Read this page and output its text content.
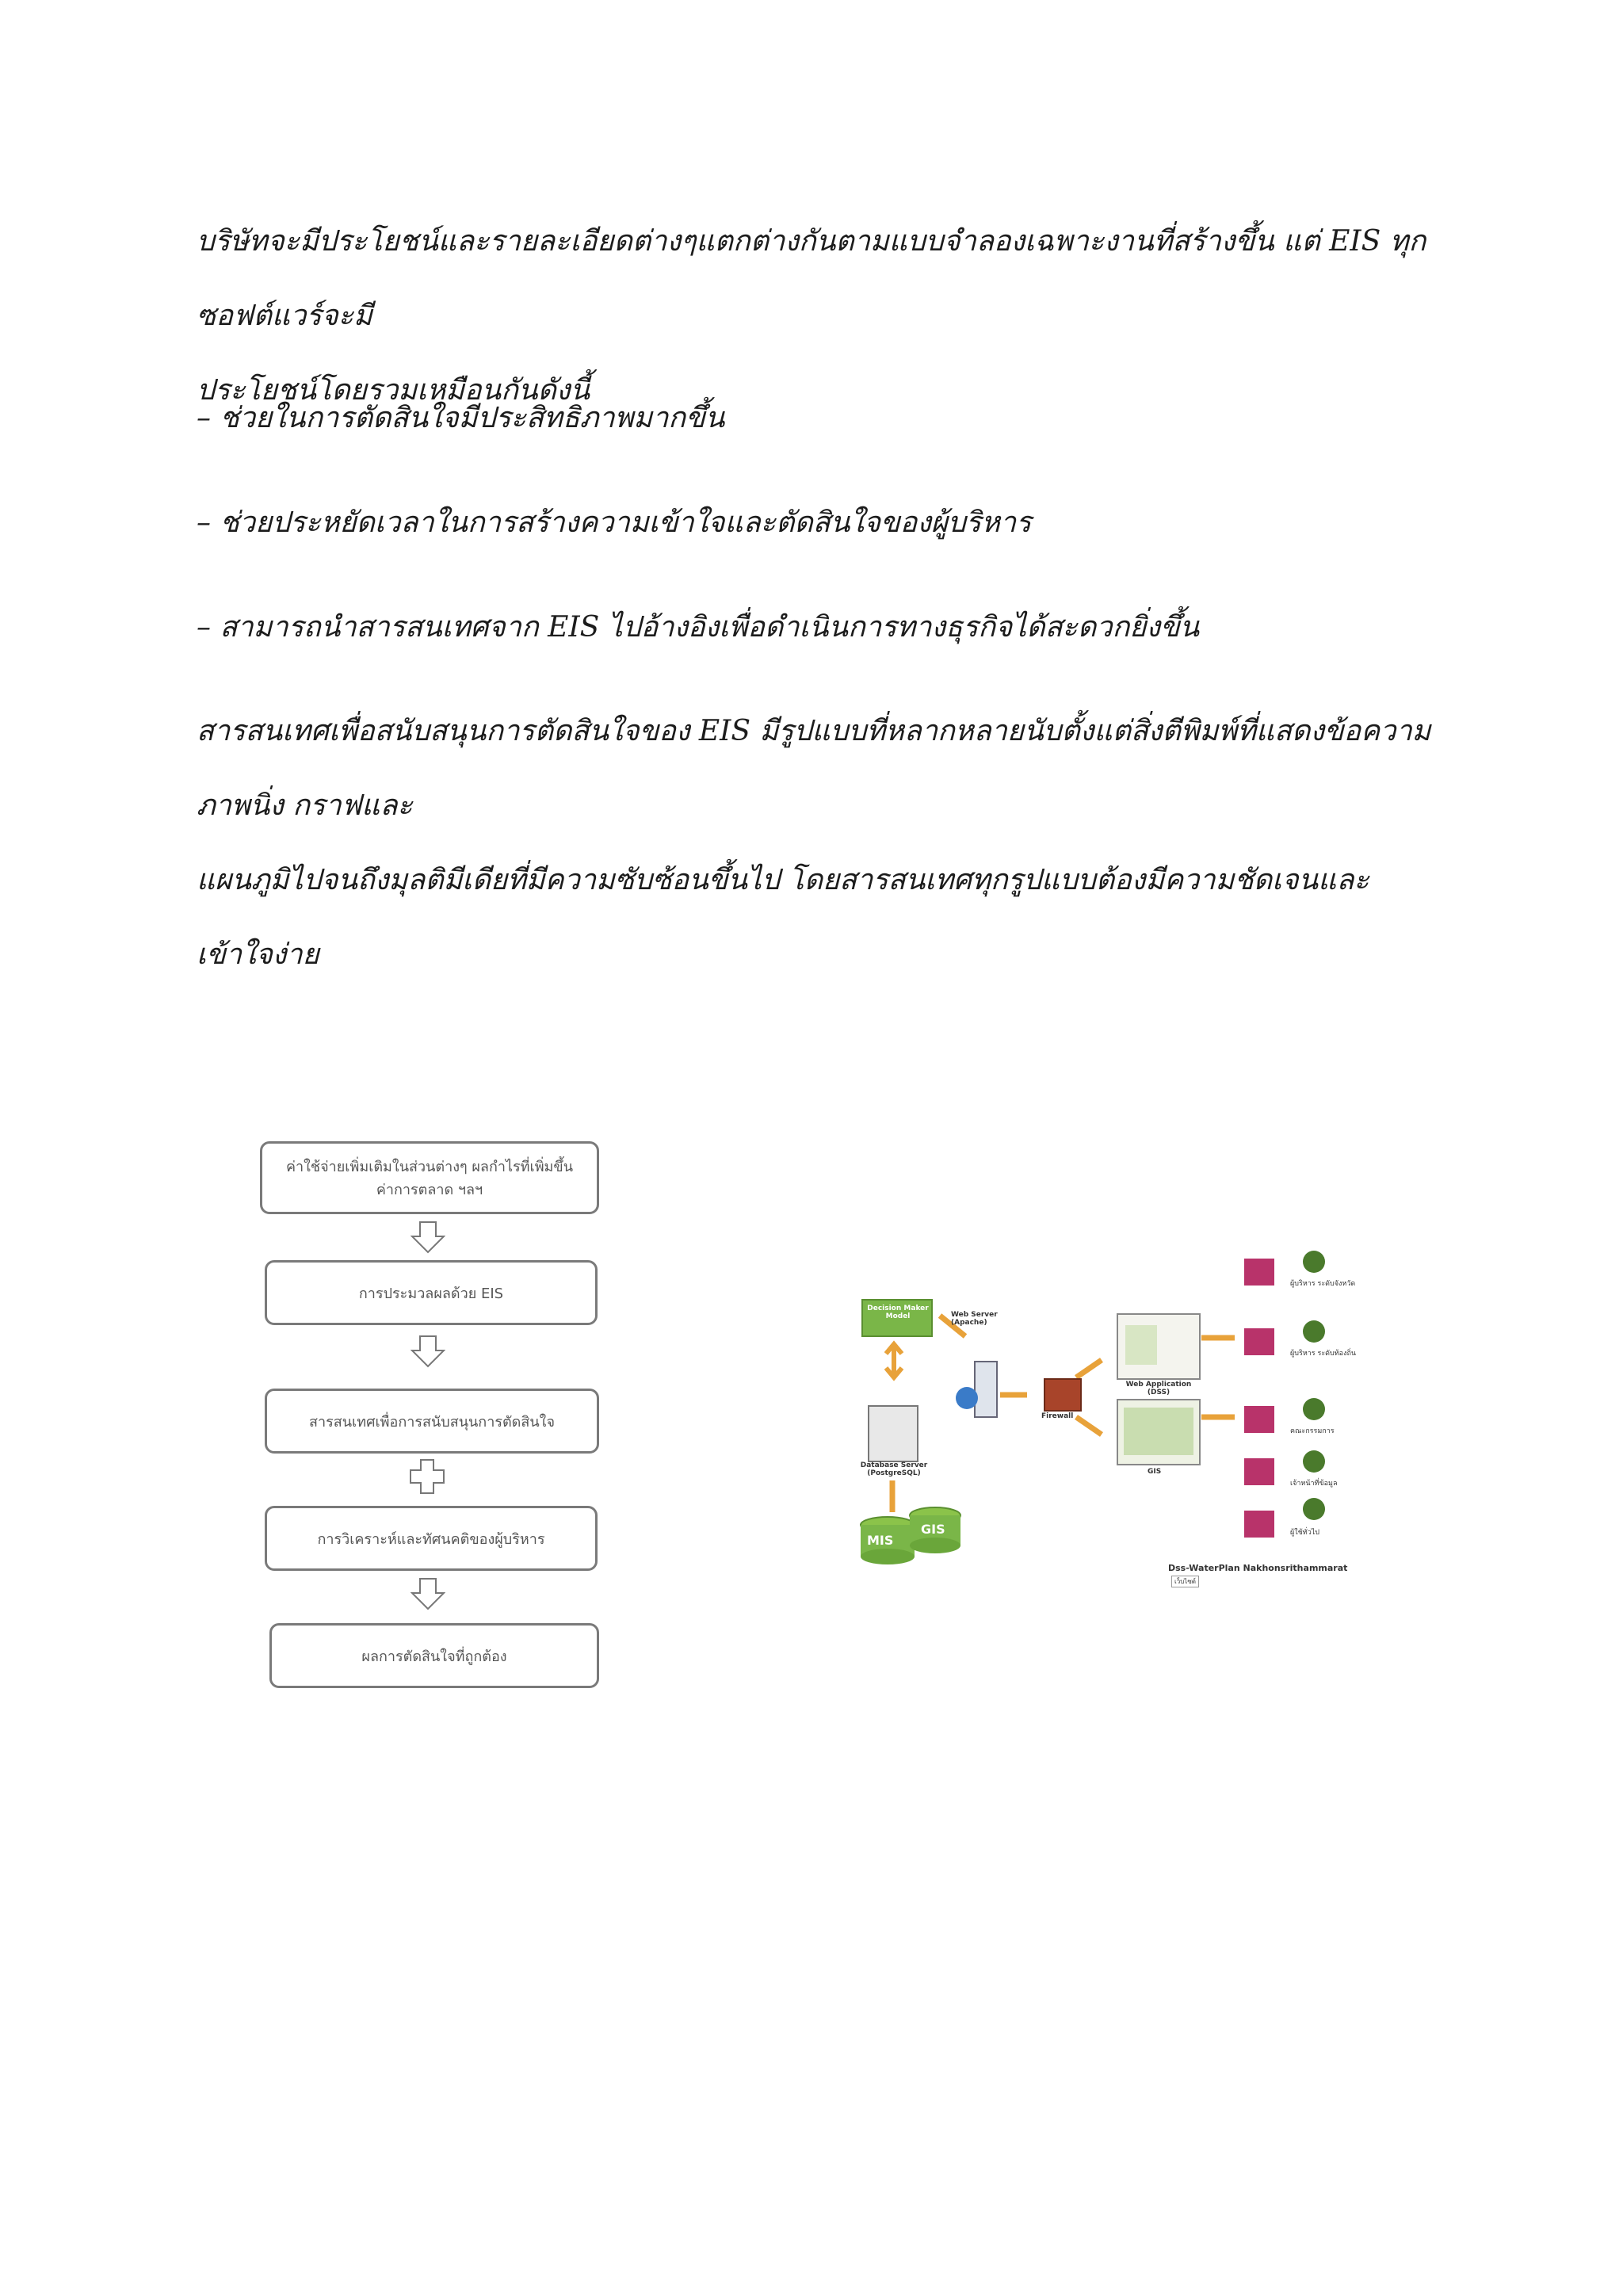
บริษัทจะมีประโยชน์และรายละเอียดต่างๆแตกต่างกันตามแบบจำลองเฉพาะงานที่สร้างขึ้น แต่ EIS ทุกซอฟต์แวร์จะมี
ประโยชน์โดยรวมเหมือนกันดังนี้

– ช่วยในการตัดสินใจมีประสิทธิภาพมากขึ้น

– ช่วยประหยัดเวลาในการสร้างความเข้าใจและตัดสินใจของผู้บริหาร

– สามารถนำสารสนเทศจาก EIS ไปอ้างอิงเพื่อดำเนินการทางธุรกิจได้สะดวกยิ่งขึ้น

สารสนเทศเพื่อสนับสนุนการตัดสินใจของ EIS มีรูปแบบที่หลากหลายนับตั้งแต่สิ่งตีพิมพ์ที่แสดงข้อความ ภาพนิ่ง กราฟและ
แผนภูมิไปจนถึงมุลติมีเดียที่มีความซับซ้อนขึ้นไป โดยสารสนเทศทุกรูปแบบต้องมีความชัดเจนและเข้าใจง่าย

ค่าใช้จ่ายเพิ่มเติมในส่วนต่างๆ ผลกำไรที่เพิ่มขึ้น
ค่าการตลาด ฯลฯ
การประมวลผลด้วย EIS
สารสนเทศเพื่อการสนับสนุนการตัดสินใจ
การวิเคราะห์และทัศนคติของผู้บริหาร
ผลการตัดสินใจที่ถูกต้อง
Decision Maker Model	Web Server (Apache)
Firewall
Web Application (DSS)
GIS
Database Server (PostgreSQL)
MIS
GIS
ผู้บริหาร ระดับจังหวัด
ผู้บริหาร ระดับท้องถิ่น
คณะกรรมการ
เจ้าหน้าที่ข้อมูล
ผู้ใช้ทั่วไป
Dss-WaterPlan Nakhonsrithammarat
เว็บไซต์
